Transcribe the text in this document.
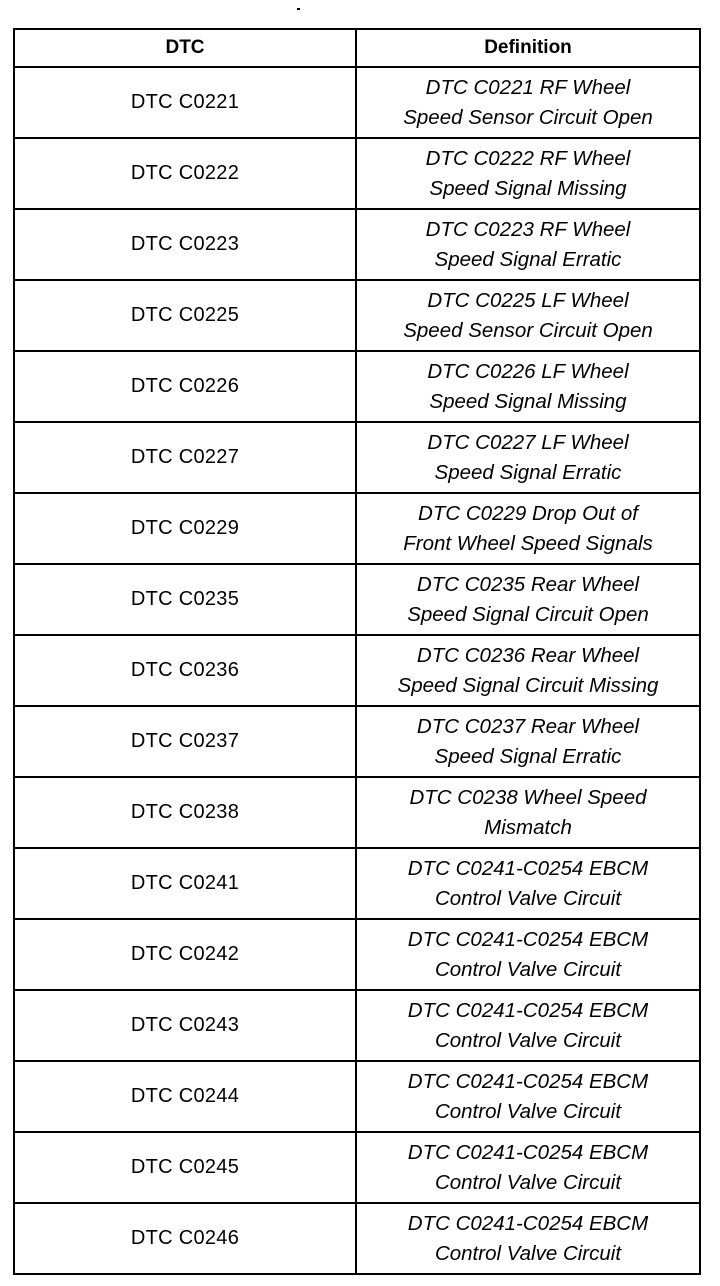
DTC	Definition
DTC C0221	DTC C0221 RF Wheel
Speed Sensor Circuit Open

DTC C0222	DTC C0222 RF Wheel
Speed Signal Missing

DTC C0223	DTC C0223 RF Wheel
Speed Signal Erratic

DTC C0225	DTC C0225 LF Wheel
Speed Sensor Circuit Open

DTC C0226	DTC C0226 LF Wheel
Speed Signal Missing

DTC C0227	DTC C0227 LF Wheel
Speed Signal Erratic

DTC C0229	DTC C0229 Drop Out of
Front Wheel Speed Signals

DTC C0235	DTC C0235 Rear Wheel
Speed Signal Circuit Open

DTC C0236	DTC C0236 Rear Wheel
Speed Signal Circuit Missing

DTC C0237	DTC C0237 Rear Wheel
Speed Signal Erratic

DTC C0238	DTC C0238 Wheel Speed
Mismatch

DTC C0241	DTC C0241-C0254 EBCM
Control Valve Circuit

DTC C0242	DTC C0241-C0254 EBCM
Control Valve Circuit

DTC C0243	DTC C0241-C0254 EBCM
Control Valve Circuit

DTC C0244	DTC C0241-C0254 EBCM
Control Valve Circuit

DTC C0245	DTC C0241-C0254 EBCM
Control Valve Circuit

DTC C0246	DTC C0241-C0254 EBCM
Control Valve Circuit
